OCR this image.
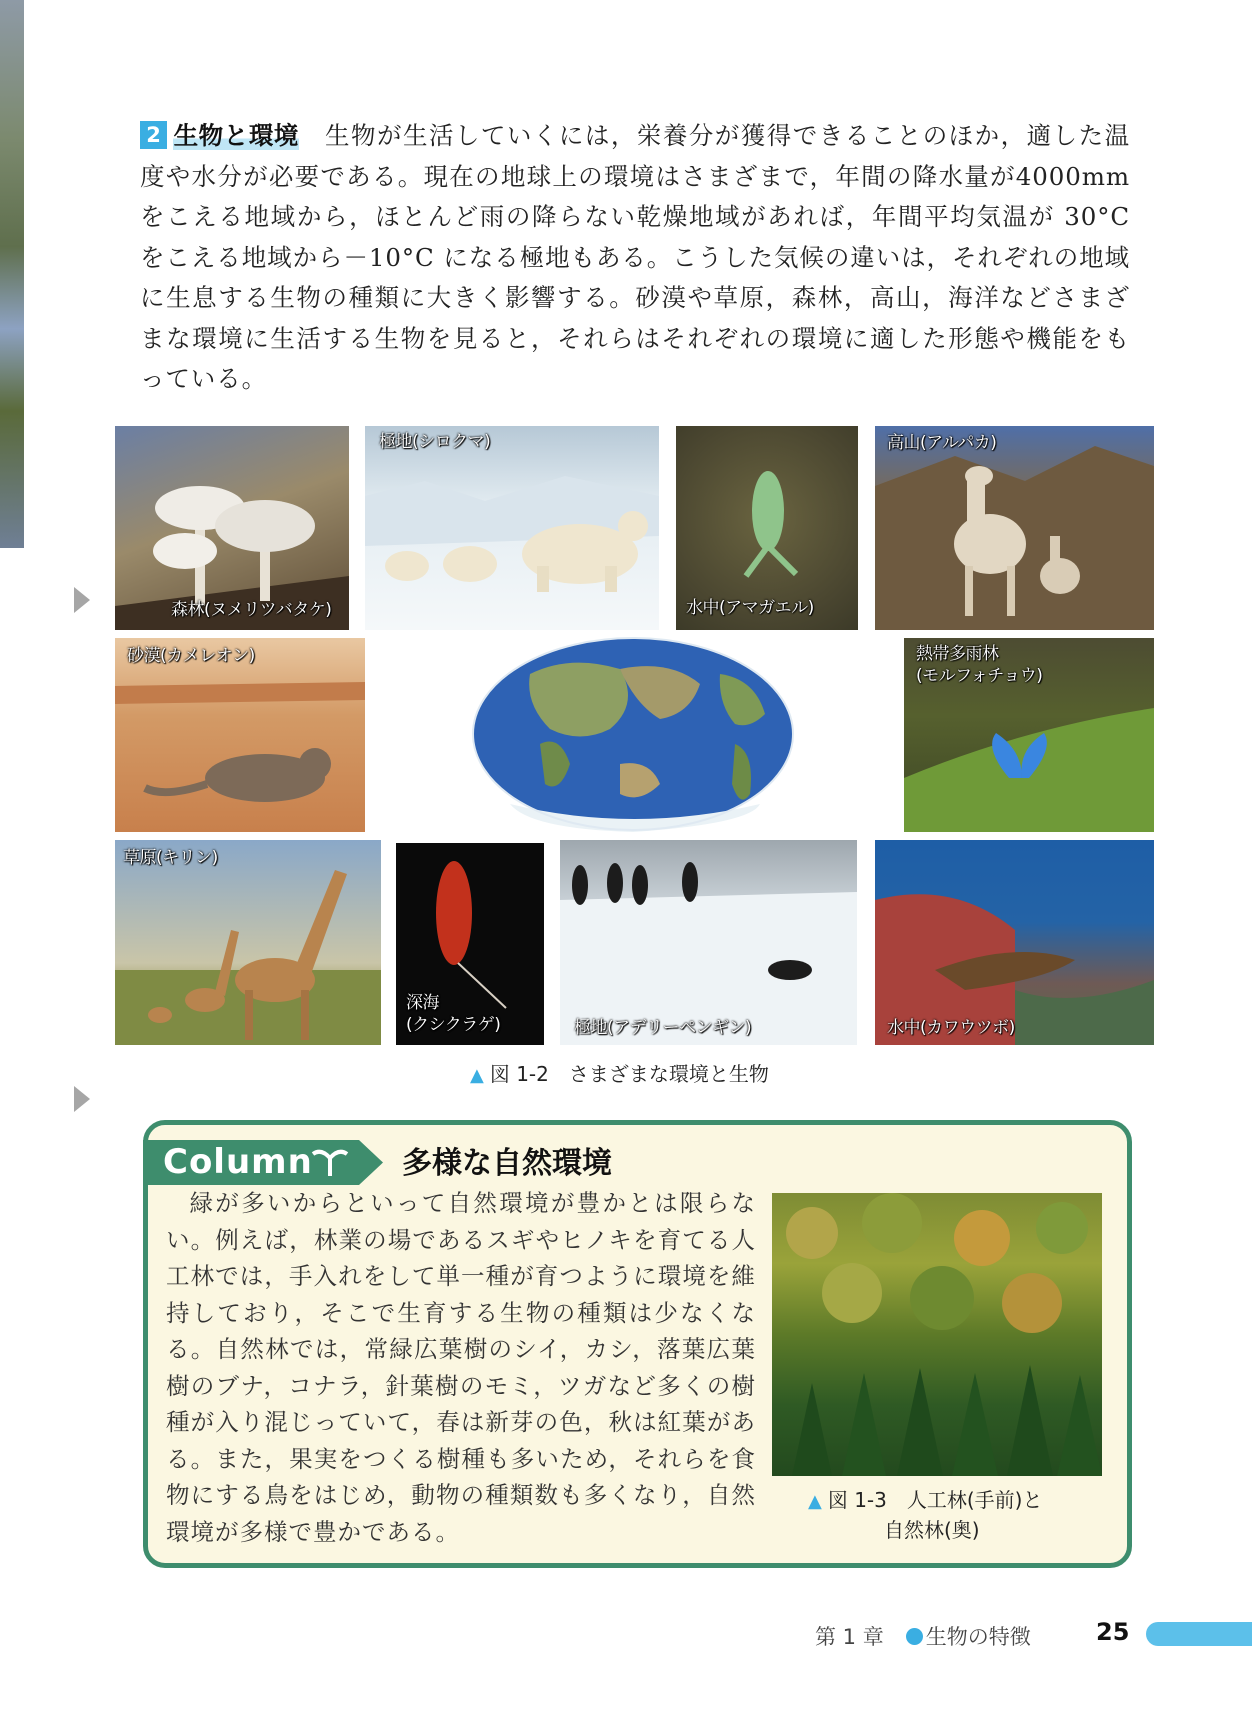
2 生物と環境 生物が生活していくには，栄養分が獲得できることのほか，適した温度や水分が必要である。現在の地球上の環境はさまざまで，年間の降水量が4000mm をこえる地域から，ほとんど雨の降らない乾燥地域があれば，年間平均気温が 30°C をこえる地域から－10°C になる極地もある。こうした気候の違いは，それぞれの地域に生息する生物の種類に大きく影響する。砂漠や草原，森林，高山，海洋などさまざまな環境に生活する生物を見ると，それらはそれぞれの環境に適した形態や機能をもっている。
森林(ヌメリツバタケ)
極地(シロクマ)
水中(アマガエル)
高山(アルパカ)
砂漠(カメレオン)	熱帯多雨林
(モルフォチョウ)
草原(キリン)
深海
(クシクラゲ)	極地(アデリーペンギン)	水中(カワウツボ)
▲ 図 1-2　さまざまな環境と生物
Column	多様な自然環境
緑が多いからといって自然環境が豊かとは限らない。例えば，林業の場であるスギやヒノキを育てる人工林では，手入れをして単一種が育つように環境を維持しており，そこで生育する生物の種類は少なくなる。自然林では，常緑広葉樹のシイ，カシ，落葉広葉樹のブナ，コナラ，針葉樹のモミ，ツガなど多くの樹種が入り混じっていて，春は新芽の色，秋は紅葉がある。また，果実をつくる樹種も多いため，それらを食物にする鳥をはじめ，動物の種類数も多くなり，自然環境が多様で豊かである。
▲ 図 1-3　人工林(手前)と
自然林(奥)
第 1 章 生物の特徴	25
